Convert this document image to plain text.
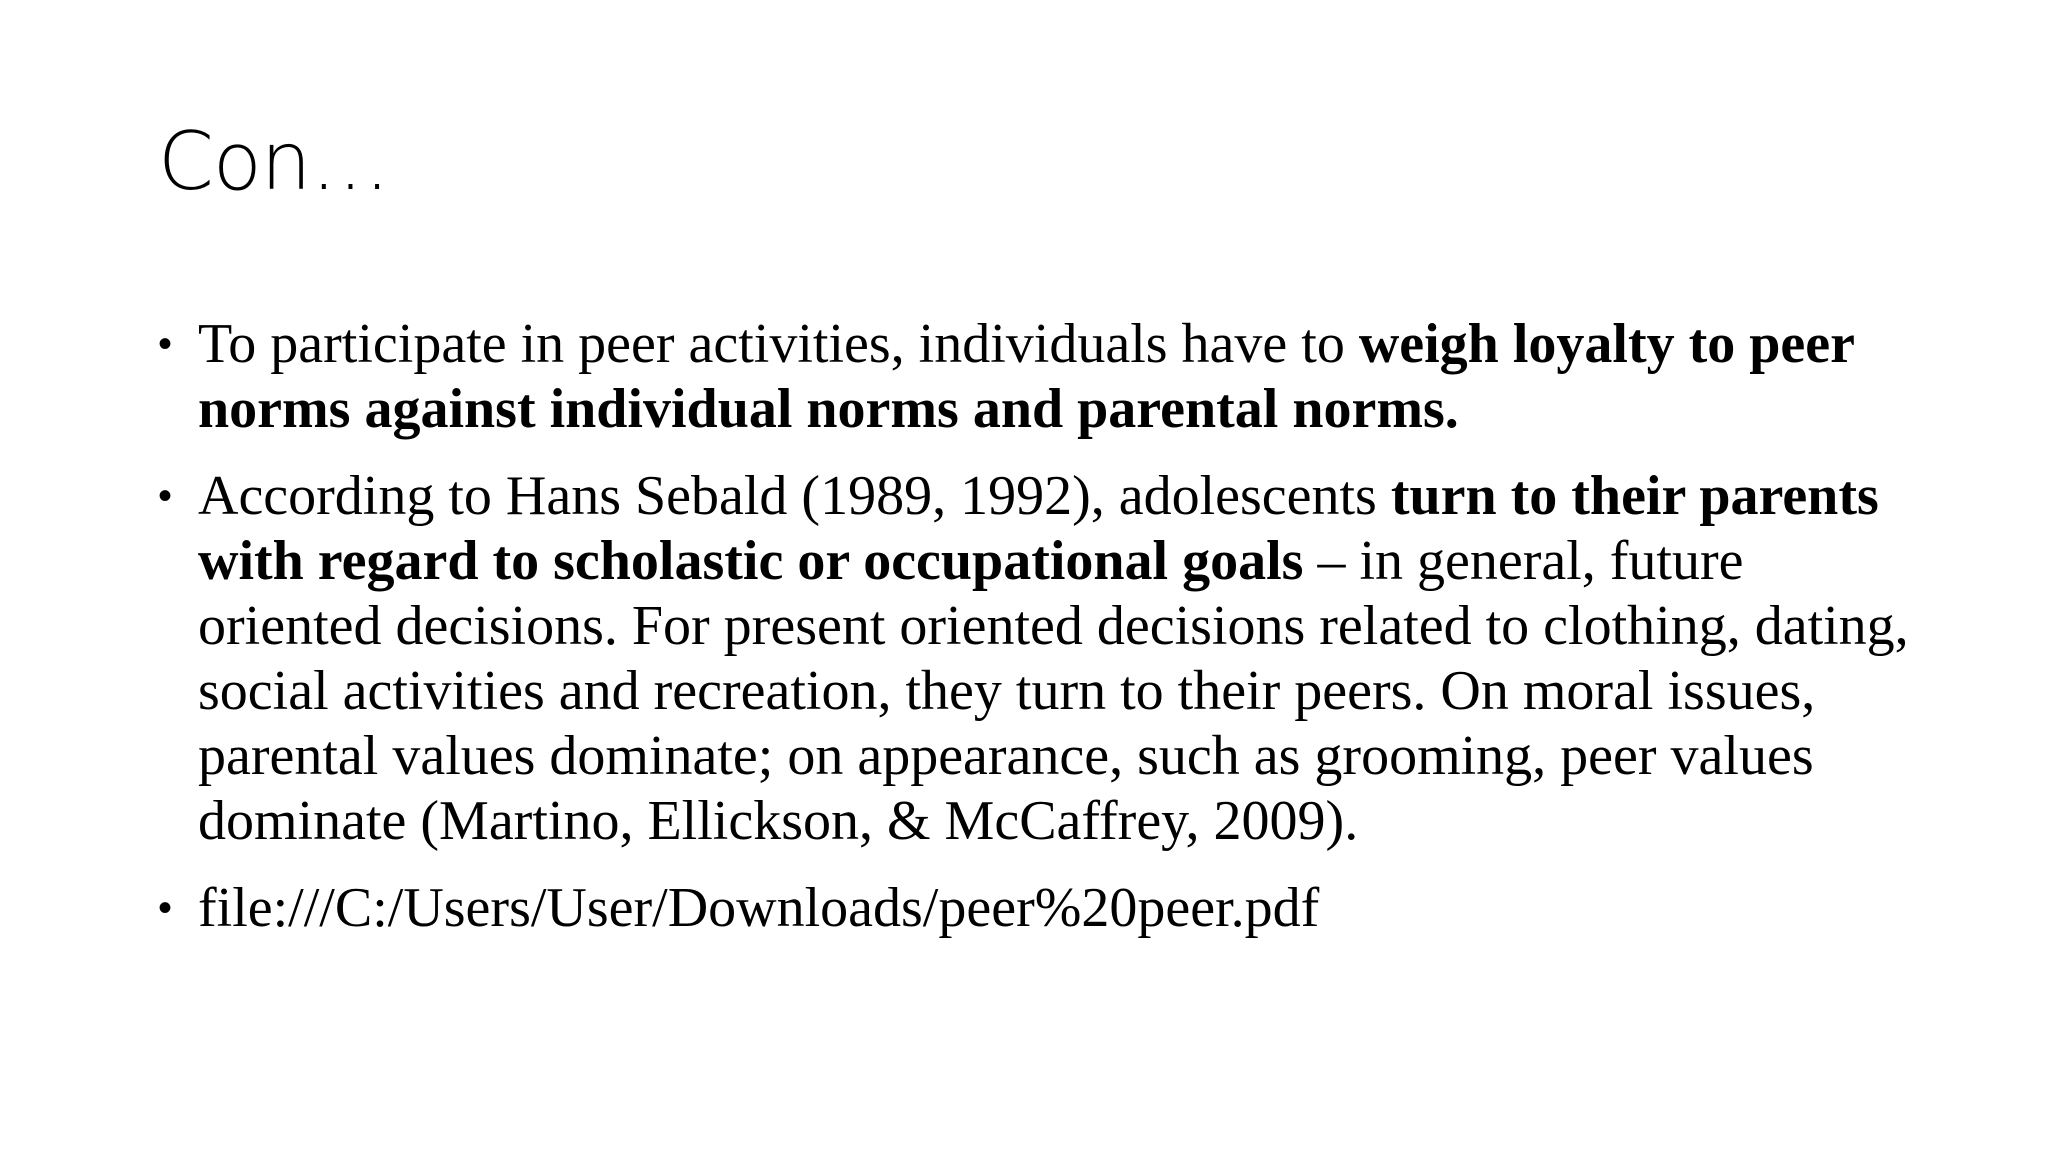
Con…
• To participate in peer activities, individuals have to weigh loyalty to peer norms against individual norms and parental norms.
• According to Hans Sebald (1989, 1992), adolescents turn to their parents with regard to scholastic or occupational goals – in general, future oriented decisions. For present oriented decisions related to clothing, dating, social activities and recreation, they turn to their peers. On moral issues, parental values dominate; on appearance, such as grooming, peer values dominate (Martino, Ellickson, & McCaffrey, 2009).
• file:///C:/Users/User/Downloads/peer%20peer.pdf
